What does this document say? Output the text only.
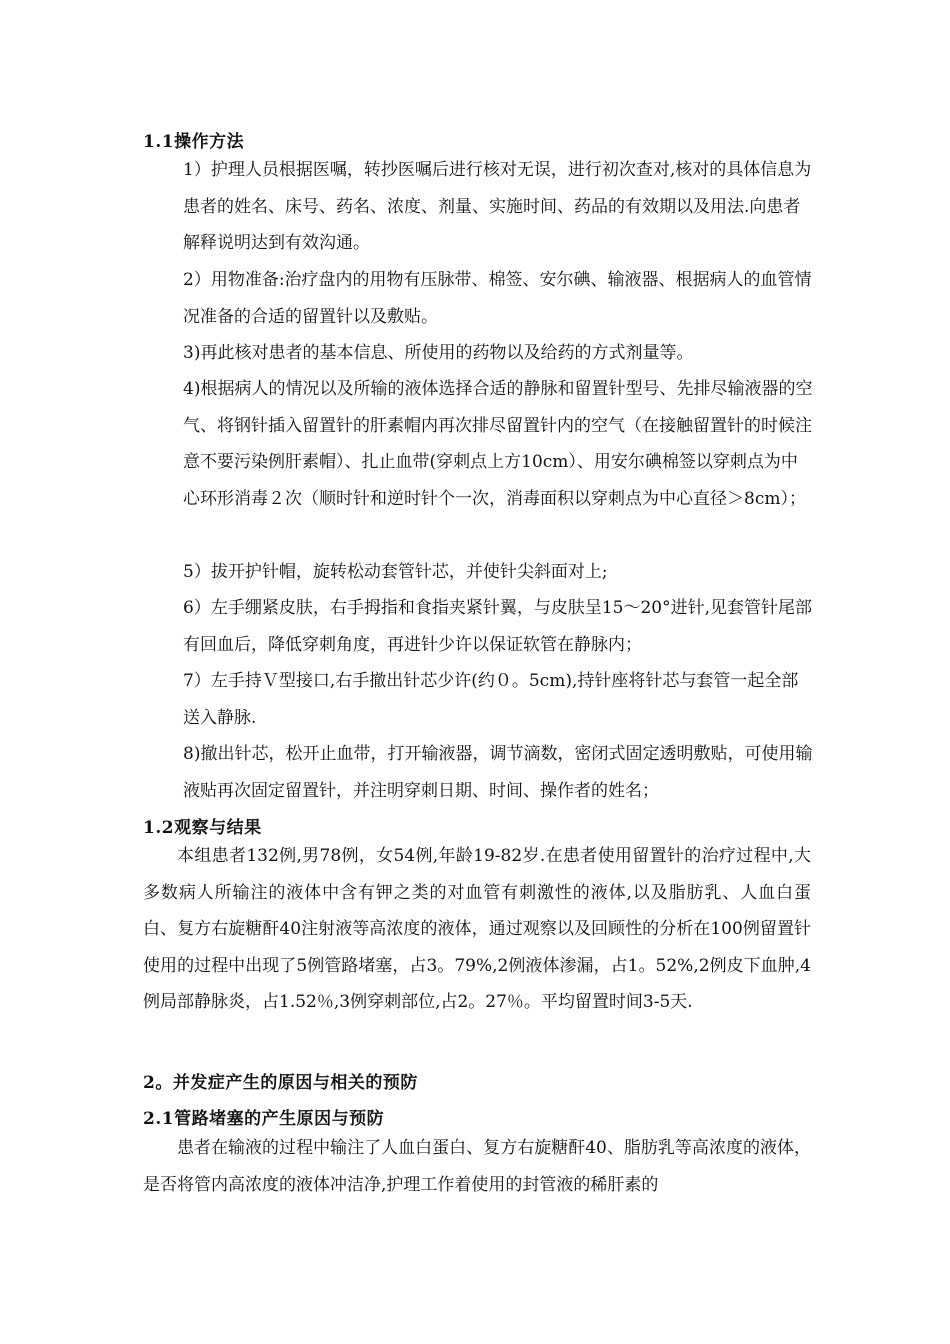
1.1操作方法

1）护理人员根据医嘱，转抄医嘱后进行核对无误，进行初次查对,核对的具体信息为患者的姓名、床号、药名、浓度、剂量、实施时间、药品的有效期以及用法.向患者解释说明达到有效沟通。

2）用物准备:治疗盘内的用物有压脉带、棉签、安尔碘、输液器、根据病人的血管情况准备的合适的留置针以及敷贴。

3)再此核对患者的基本信息、所使用的药物以及给药的方式剂量等。

4)根据病人的情况以及所输的液体选择合适的静脉和留置针型号、先排尽输液器的空气、将钢针插入留置针的肝素帽内再次排尽留置针内的空气（在接触留置针的时候注意不要污染例肝素帽）、扎止血带(穿刺点上方10cm）、用安尔碘棉签以穿刺点为中心环形消毒２次（顺时针和逆时针个一次，消毒面积以穿刺点为中心直径＞8cm）；

5）拔开护针帽，旋转松动套管针芯，并使针尖斜面对上;

6）左手绷紧皮肤，右手拇指和食指夹紧针翼，与皮肤呈15～20°进针,见套管针尾部有回血后，降低穿刺角度，再进针少许以保证软管在静脉内；

7）左手持Ｖ型接口,右手撤出针芯少许(约０。5cm),持针座将针芯与套管一起全部送入静脉.

8)撤出针芯，松开止血带，打开输液器，调节滴数，密闭式固定透明敷贴，可使用输液贴再次固定留置针，并注明穿刺日期、时间、操作者的姓名；

1.2观察与结果

本组患者132例,男78例，女54例,年龄19-82岁.在患者使用留置针的治疗过程中,大多数病人所输注的液体中含有钾之类的对血管有刺激性的液体,以及脂肪乳、人血白蛋白、复方右旋糖酐40注射液等高浓度的液体，通过观察以及回顾性的分析在100例留置针使用的过程中出现了5例管路堵塞，占3。79%,2例液体渗漏，占1。52%,2例皮下血肿,4例局部静脉炎，占1.52％,3例穿刺部位,占2。27％。平均留置时间3-5天.

2。并发症产生的原因与相关的预防
2.1管路堵塞的产生原因与预防

患者在输液的过程中输注了人血白蛋白、复方右旋糖酐40、脂肪乳等高浓度的液体，是否将管内高浓度的液体冲洁净,护理工作着使用的封管液的稀肝素的
